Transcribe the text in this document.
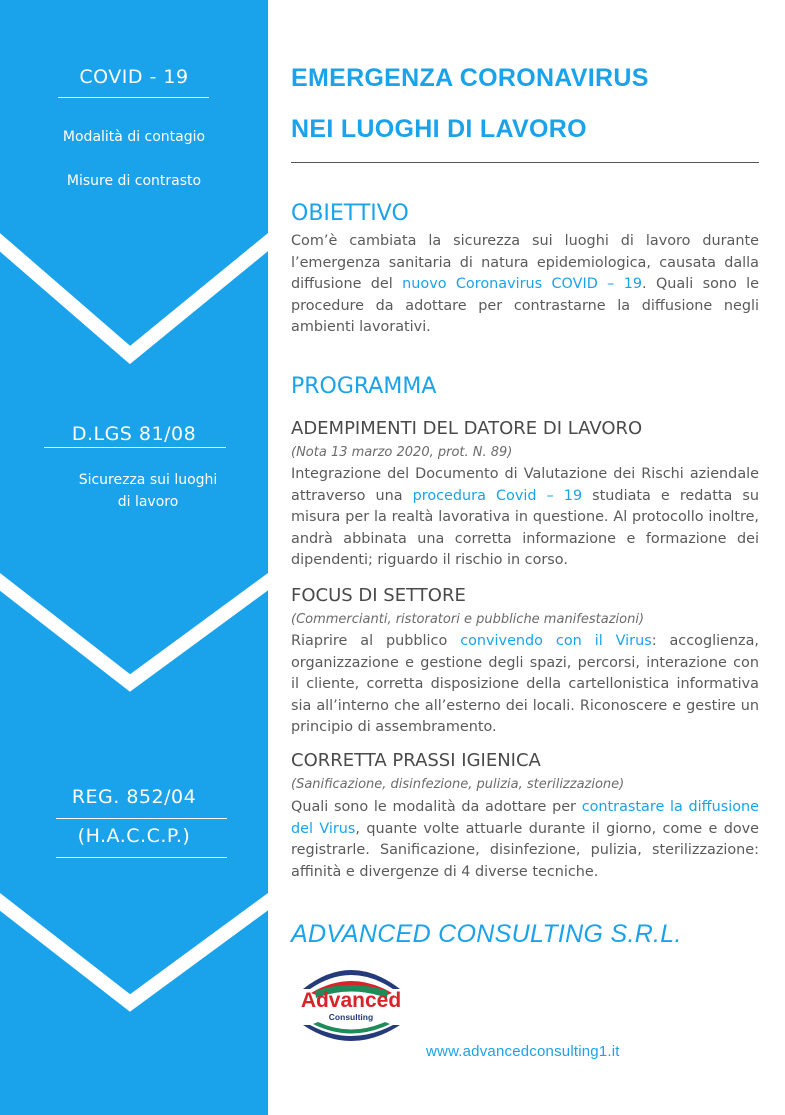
COVID - 19
Modalità di contagio
Misure di contrasto
D.LGS 81/08
Sicurezza sui luoghi
di lavoro
REG. 852/04
(H.A.C.C.P.)
EMERGENZA CORONAVIRUS
NEI LUOGHI DI LAVORO
OBIETTIVO
Com’è cambiata la sicurezza sui luoghi di lavoro durante l’emergenza sanitaria di natura epidemiologica, causata dalla diffusione del nuovo Coronavirus COVID – 19. Quali sono le procedure da adottare per contrastarne la diffusione negli ambienti lavorativi.
PROGRAMMA
ADEMPIMENTI DEL DATORE DI LAVORO
(Nota 13 marzo 2020, prot. N. 89)
Integrazione del Documento di Valutazione dei Rischi aziendale attraverso una procedura Covid – 19 studiata e redatta su misura per la realtà lavorativa in questione. Al protocollo inoltre, andrà abbinata una corretta informazione e formazione dei dipendenti; riguardo il rischio in corso.
FOCUS DI SETTORE
(Commercianti, ristoratori e pubbliche manifestazioni)
Riaprire al pubblico convivendo con il Virus: accoglienza, organizzazione e gestione degli spazi, percorsi, interazione con il cliente, corretta disposizione della cartellonistica informativa sia all’interno che all’esterno dei locali. Riconoscere e gestire un principio di assembramento.
CORRETTA PRASSI IGIENICA
(Sanificazione, disinfezione, pulizia, sterilizzazione)
Quali sono le modalità da adottare per contrastare la diffusione del Virus, quante volte attuarle durante il giorno, come e dove registrarle. Sanificazione, disinfezione, pulizia, sterilizzazione: affinità e divergenze di 4 diverse tecniche.
ADVANCED CONSULTING S.R.L.
Advanced
Consulting
www.advancedconsulting1.it
